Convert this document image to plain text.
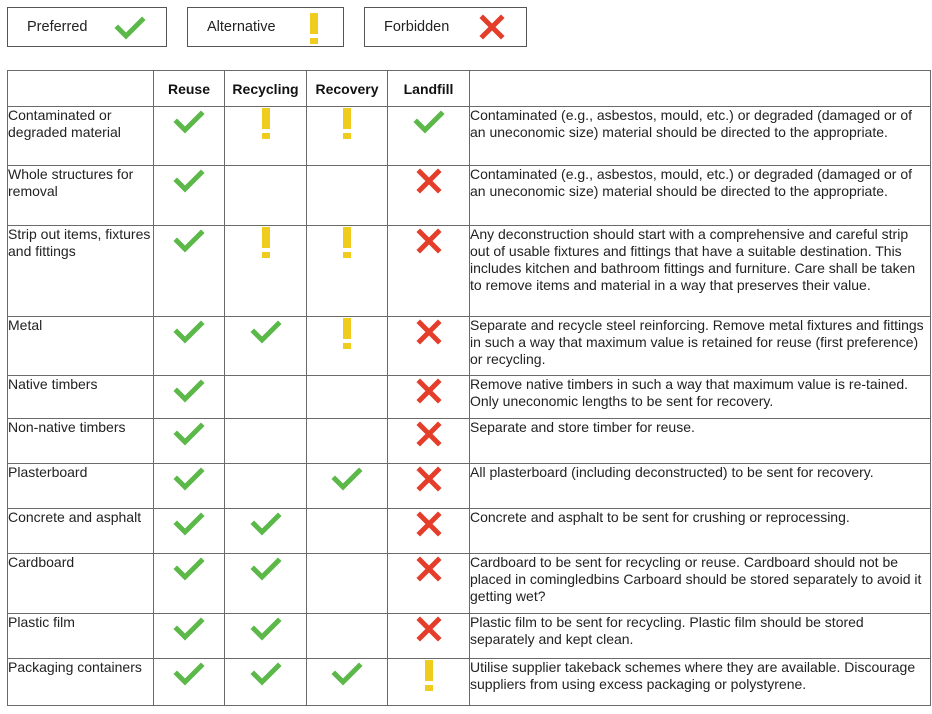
Preferred	Alternative	Forbidden
	Reuse	Recycling	Recovery	Landfill	
Contaminated or degraded material					Contaminated (e.g., asbestos, mould, etc.) or degraded (damaged or of an uneconomic size) material should be directed to the appropriate.
Whole structures for removal					Contaminated (e.g., asbestos, mould, etc.) or degraded (damaged or of an uneconomic size) material should be directed to the appropriate.
Strip out items, fixtures and fittings					Any deconstruction should start with a comprehensive and careful strip out of usable fixtures and fittings that have a suitable destination. This includes kitchen and bathroom fittings and furniture. Care shall be taken to remove items and material in a way that preserves their value.
Metal					Separate and recycle steel reinforcing. Remove metal fixtures and fittings in such a way that maximum value is retained for reuse (first preference) or recycling.
Native timbers					Remove native timbers in such a way that maximum value is re-tained. Only uneconomic lengths to be sent for recovery.
Non-native timbers					Separate and store timber for reuse.
Plasterboard					All plasterboard (including deconstructed) to be sent for recovery.
Concrete and asphalt					Concrete and asphalt to be sent for crushing or reprocessing.
Cardboard					Cardboard to be sent for recycling or reuse. Cardboard should not be placed in comingledbins Carboard should be stored separately to avoid it getting wet?
Plastic film					Plastic film to be sent for recycling. Plastic film should be stored separately and kept clean.
Packaging containers					Utilise supplier takeback schemes where they are available. Discourage suppliers from using excess packaging or polystyrene.
